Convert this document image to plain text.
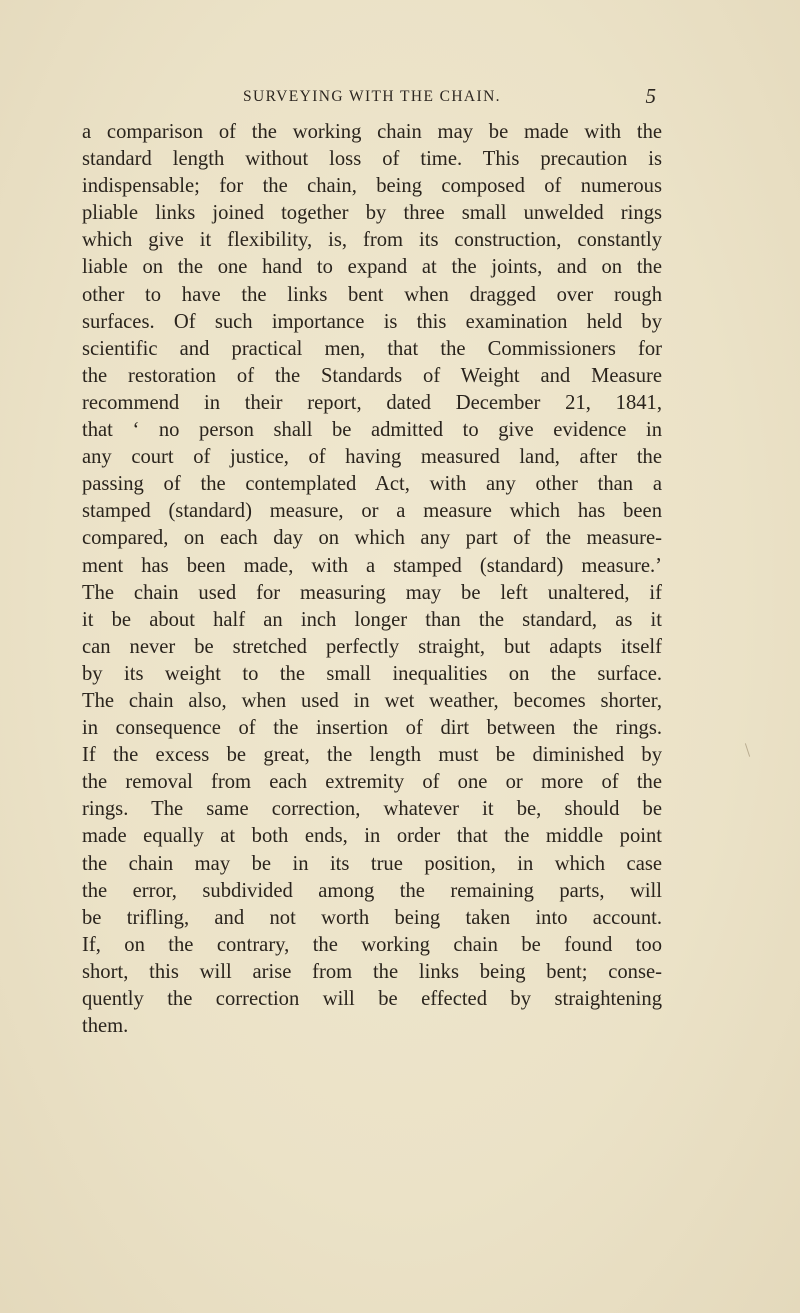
SURVEYING WITH THE CHAIN.	5
a comparison of the working chain may be made with the
standard length without loss of time. This precaution is
indispensable; for the chain, being composed of numerous
pliable links joined together by three small unwelded rings
which give it flexibility, is, from its construction, constantly
liable on the one hand to expand at the joints, and on the
other to have the links bent when dragged over rough
surfaces. Of such importance is this examination held by
scientific and practical men, that the Commissioners for
the restoration of the Standards of Weight and Measure
recommend in their report, dated December 21, 1841,
that ‘ no person shall be admitted to give evidence in
any court of justice, of having measured land, after the
passing of the contemplated Act, with any other than a
stamped (standard) measure, or a measure which has been
compared, on each day on which any part of the measure-
ment has been made, with a stamped (standard) measure.’
The chain used for measuring may be left unaltered, if
it be about half an inch longer than the standard, as it
can never be stretched perfectly straight, but adapts itself
by its weight to the small inequalities on the surface.
The chain also, when used in wet weather, becomes shorter,
in consequence of the insertion of dirt between the rings.
If the excess be great, the length must be diminished by
the removal from each extremity of one or more of the
rings. The same correction, whatever it be, should be
made equally at both ends, in order that the middle point
the chain may be in its true position, in which case
the error, subdivided among the remaining parts, will
be trifling, and not worth being taken into account.
If, on the contrary, the working chain be found too
short, this will arise from the links being bent; conse-
quently the correction will be effected by straightening
them.
